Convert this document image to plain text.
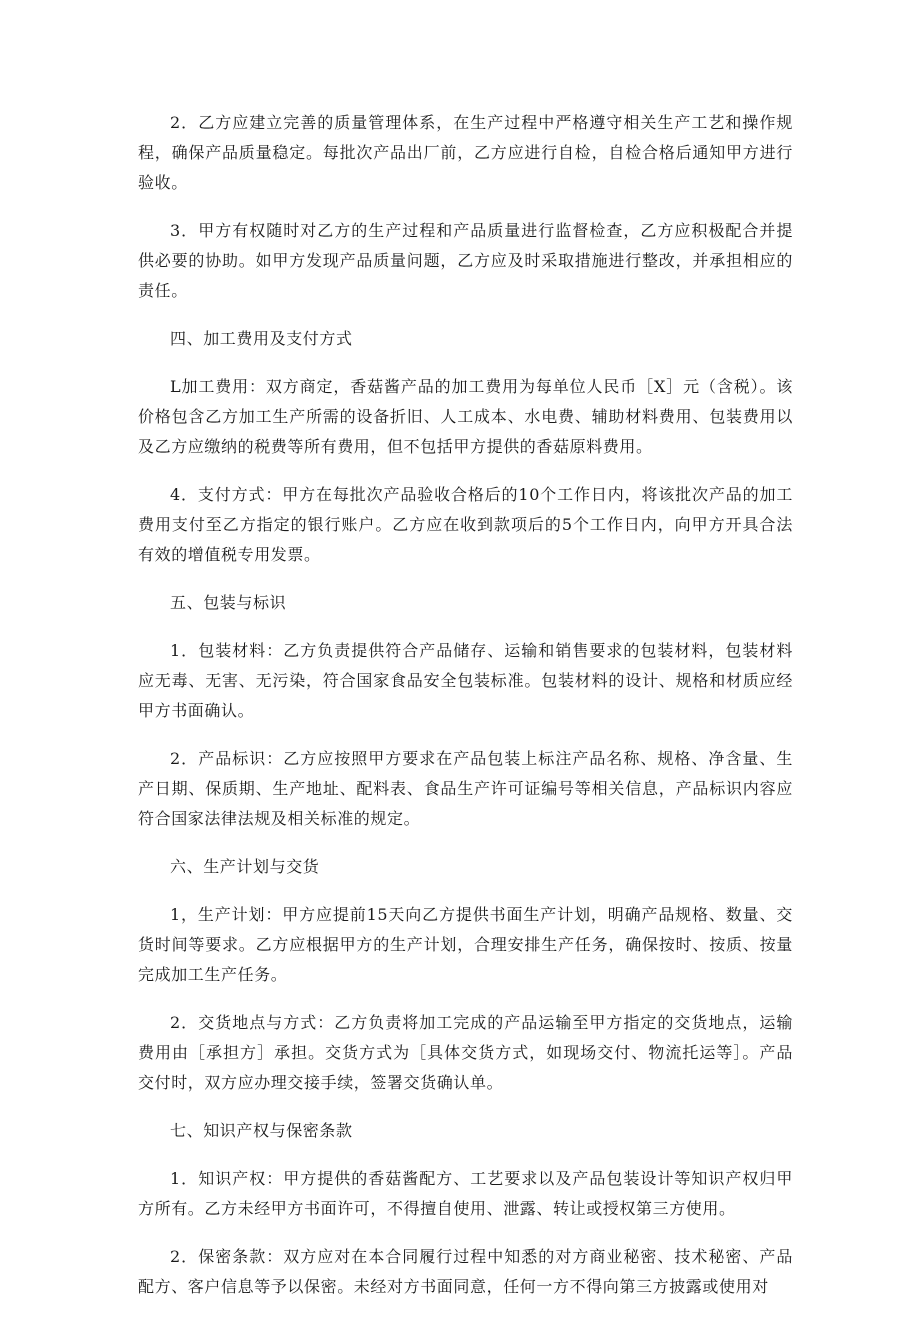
2．乙方应建立完善的质量管理体系，在生产过程中严格遵守相关生产工艺和操作规程，确保产品质量稳定。每批次产品出厂前，乙方应进行自检，自检合格后通知甲方进行验收。

3．甲方有权随时对乙方的生产过程和产品质量进行监督检查，乙方应积极配合并提供必要的协助。如甲方发现产品质量问题，乙方应及时采取措施进行整改，并承担相应的责任。

四、加工费用及支付方式

L加工费用：双方商定，香菇酱产品的加工费用为每单位人民币［X］元（含税）。该价格包含乙方加工生产所需的设备折旧、人工成本、水电费、辅助材料费用、包装费用以及乙方应缴纳的税费等所有费用，但不包括甲方提供的香菇原料费用。

4．支付方式：甲方在每批次产品验收合格后的10个工作日内，将该批次产品的加工费用支付至乙方指定的银行账户。乙方应在收到款项后的5个工作日内，向甲方开具合法有效的增值税专用发票。

五、包装与标识

1．包装材料：乙方负责提供符合产品储存、运输和销售要求的包装材料，包装材料应无毒、无害、无污染，符合国家食品安全包装标准。包装材料的设计、规格和材质应经甲方书面确认。

2．产品标识：乙方应按照甲方要求在产品包装上标注产品名称、规格、净含量、生产日期、保质期、生产地址、配料表、食品生产许可证编号等相关信息，产品标识内容应符合国家法律法规及相关标准的规定。

六、生产计划与交货

1，生产计划：甲方应提前15天向乙方提供书面生产计划，明确产品规格、数量、交货时间等要求。乙方应根据甲方的生产计划，合理安排生产任务，确保按时、按质、按量完成加工生产任务。

2．交货地点与方式：乙方负责将加工完成的产品运输至甲方指定的交货地点，运输费用由［承担方］承担。交货方式为［具体交货方式，如现场交付、物流托运等］。产品交付时，双方应办理交接手续，签署交货确认单。

七、知识产权与保密条款

1．知识产权：甲方提供的香菇酱配方、工艺要求以及产品包装设计等知识产权归甲方所有。乙方未经甲方书面许可，不得擅自使用、泄露、转让或授权第三方使用。

2．保密条款：双方应对在本合同履行过程中知悉的对方商业秘密、技术秘密、产品配方、客户信息等予以保密。未经对方书面同意，任何一方不得向第三方披露或使用对
